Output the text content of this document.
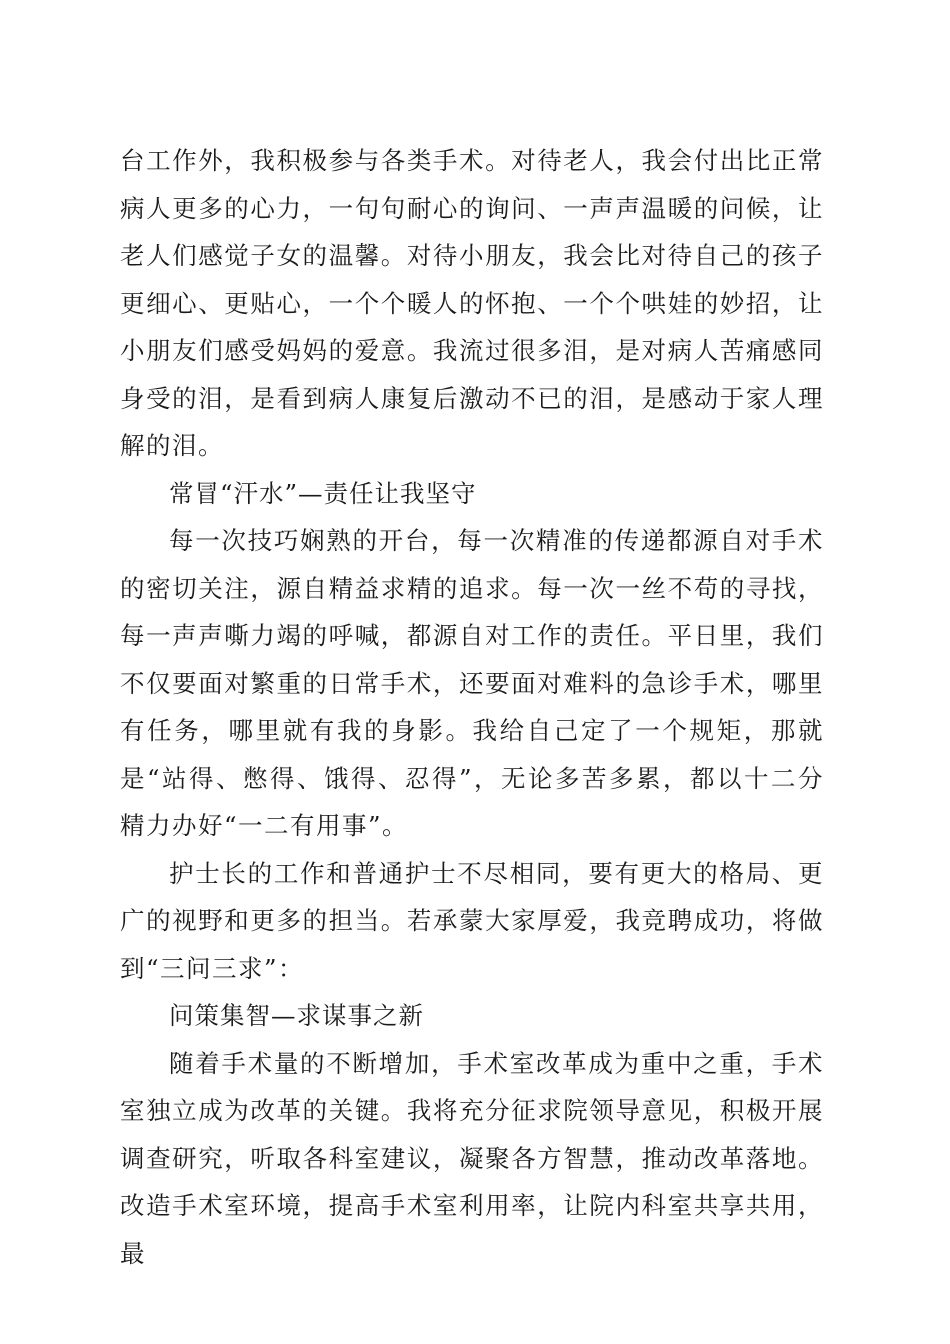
台工作外，我积极参与各类手术。对待老人，我会付出比正常病人更多的心力，一句句耐心的询问、一声声温暖的问候，让老人们感觉子女的温馨。对待小朋友，我会比对待自己的孩子更细心、更贴心，一个个暖人的怀抱、一个个哄娃的妙招，让小朋友们感受妈妈的爱意。我流过很多泪，是对病人苦痛感同身受的泪，是看到病人康复后激动不已的泪，是感动于家人理解的泪。

常冒“汗水”—责任让我坚守

每一次技巧娴熟的开台，每一次精准的传递都源自对手术的密切关注，源自精益求精的追求。每一次一丝不苟的寻找，每一声声嘶力竭的呼喊，都源自对工作的责任。平日里，我们不仅要面对繁重的日常手术，还要面对难料的急诊手术，哪里有任务，哪里就有我的身影。我给自己定了一个规矩，那就是“站得、憋得、饿得、忍得”，无论多苦多累，都以十二分精力办好“一二有用事”。

护士长的工作和普通护士不尽相同，要有更大的格局、更广的视野和更多的担当。若承蒙大家厚爱，我竞聘成功，将做到“三问三求”：

问策集智—求谋事之新

随着手术量的不断增加，手术室改革成为重中之重，手术室独立成为改革的关键。我将充分征求院领导意见，积极开展调查研究，听取各科室建议，凝聚各方智慧，推动改革落地。改造手术室环境，提高手术室利用率，让院内科室共享共用，最
